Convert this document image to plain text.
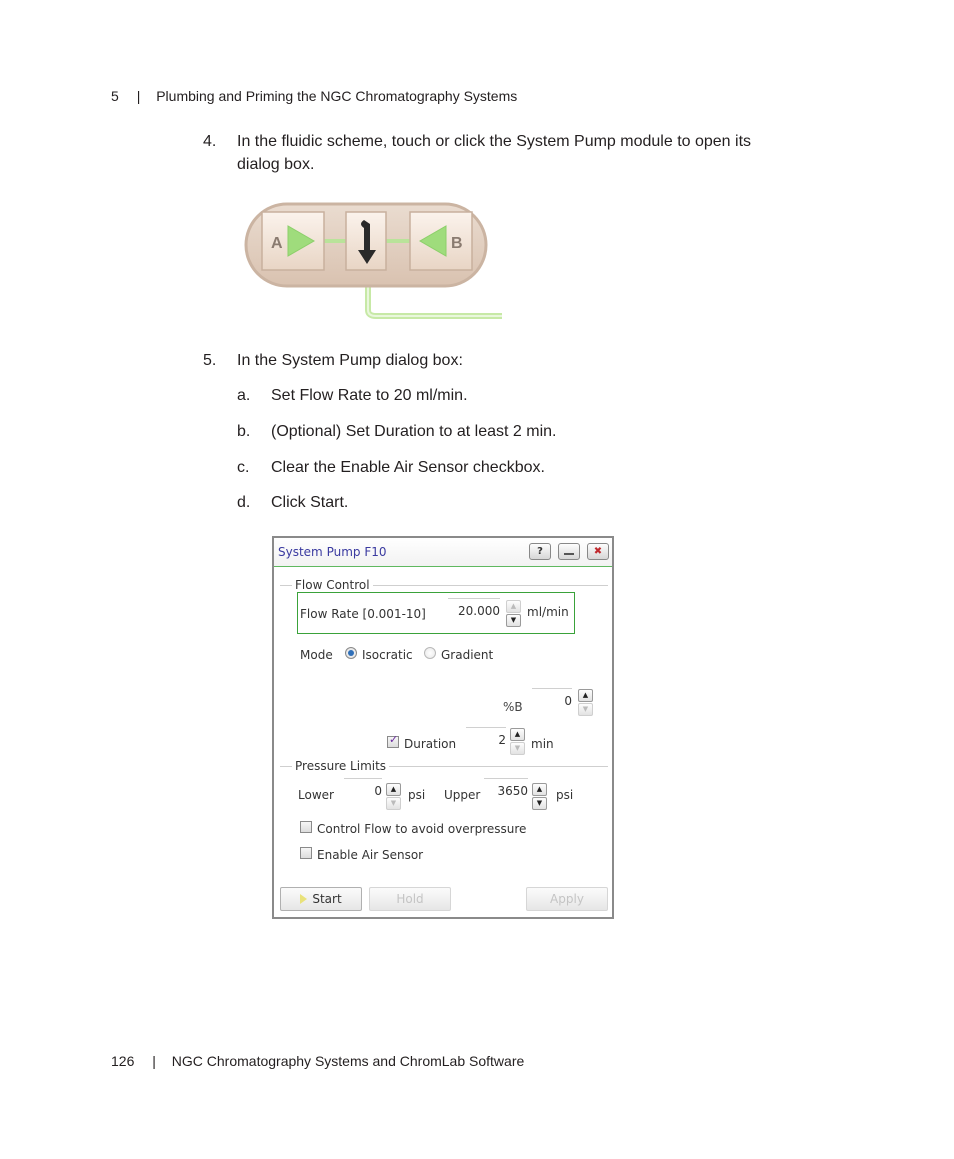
5 | Plumbing and Priming the NGC Chromatography Systems
4. In the fluidic scheme, touch or click the System Pump module to open its
dialog box.
A	B
5. In the System Pump dialog box:
a. Set Flow Rate to 20 ml/min.
b. (Optional) Set Duration to at least 2 min.
c. Clear the Enable Air Sensor checkbox.
d. Click Start.
System Pump F10	?	✖
Flow Control
Flow Rate [0.001-10]	20.000	▲
▼
ml/min
Mode Isocratic Gradient
%B	0	▲
▼
✓ Duration	2	▲
▼ min
Pressure Limits
Lower	0	▲
▼
psi Upper	3650	▲
▼
psi
Control Flow to avoid overpressure
Enable Air Sensor
Start	Hold	Apply
126 | NGC Chromatography Systems and ChromLab Software
